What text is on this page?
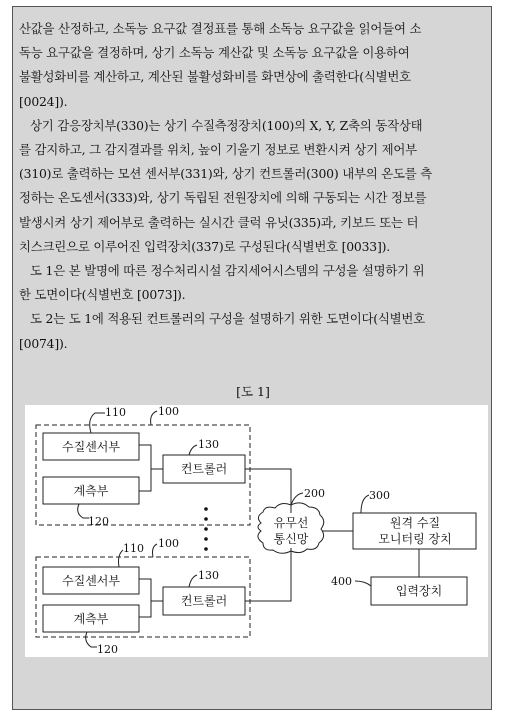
산값을 산정하고, 소독능 요구값 결정표를 통해 소독능 요구값을 읽어들여 소
독능 요구값을 결정하며, 상기 소독능 계산값 및 소독능 요구값을 이용하여
불활성화비를 계산하고, 계산된 불활성화비를 화면상에 출력한다(식별번호
[0024]).

상기 감응장치부(330)는 상기 수질측정장치(100)의 X, Y, Z축의 동작상태
를 감지하고, 그 감지결과를 위치, 높이 기울기 정보로 변환시켜 상기 제어부
(310)로 출력하는 모션 센서부(331)와, 상기 컨트롤러(300) 내부의 온도를 측
정하는 온도센서(333)와, 상기 독립된 전원장치에 의해 구동되는 시간 정보를
발생시켜 상기 제어부로 출력하는 실시간 클럭 유닛(335)과, 키보드 또는 터
치스크린으로 이루어진 입력장치(337)로 구성된다(식별번호 [0033]).

도 1은 본 발명에 따른 정수처리시설 감지세어시스템의 구성을 설명하기 위
한 도면이다(식별번호 [0073]).

도 2는 도 1에 적용된 컨트롤러의 구성을 설명하기 위한 도면이다(식별번호
[0074]).

[도 1]
수질센서부
계측부
컨트롤러
수질센서부
계측부
컨트롤러
유무선
통신망
원격 수질
모니터링 장치
입력장치
110	100
130
120
200	300
110 100
130	400
120
